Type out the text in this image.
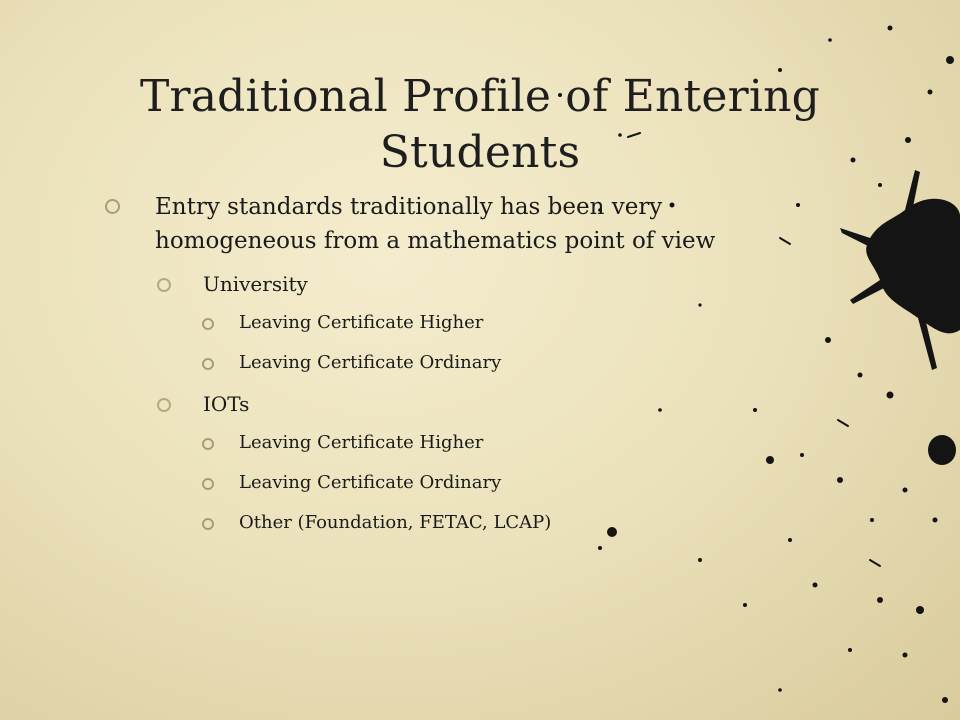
Traditional Profile of Entering Students
Entry standards traditionally has been very homogeneous from a mathematics point of view
University
Leaving Certificate Higher
Leaving Certificate Ordinary
IOTs
Leaving Certificate Higher
Leaving Certificate Ordinary
Other (Foundation, FETAC, LCAP)
